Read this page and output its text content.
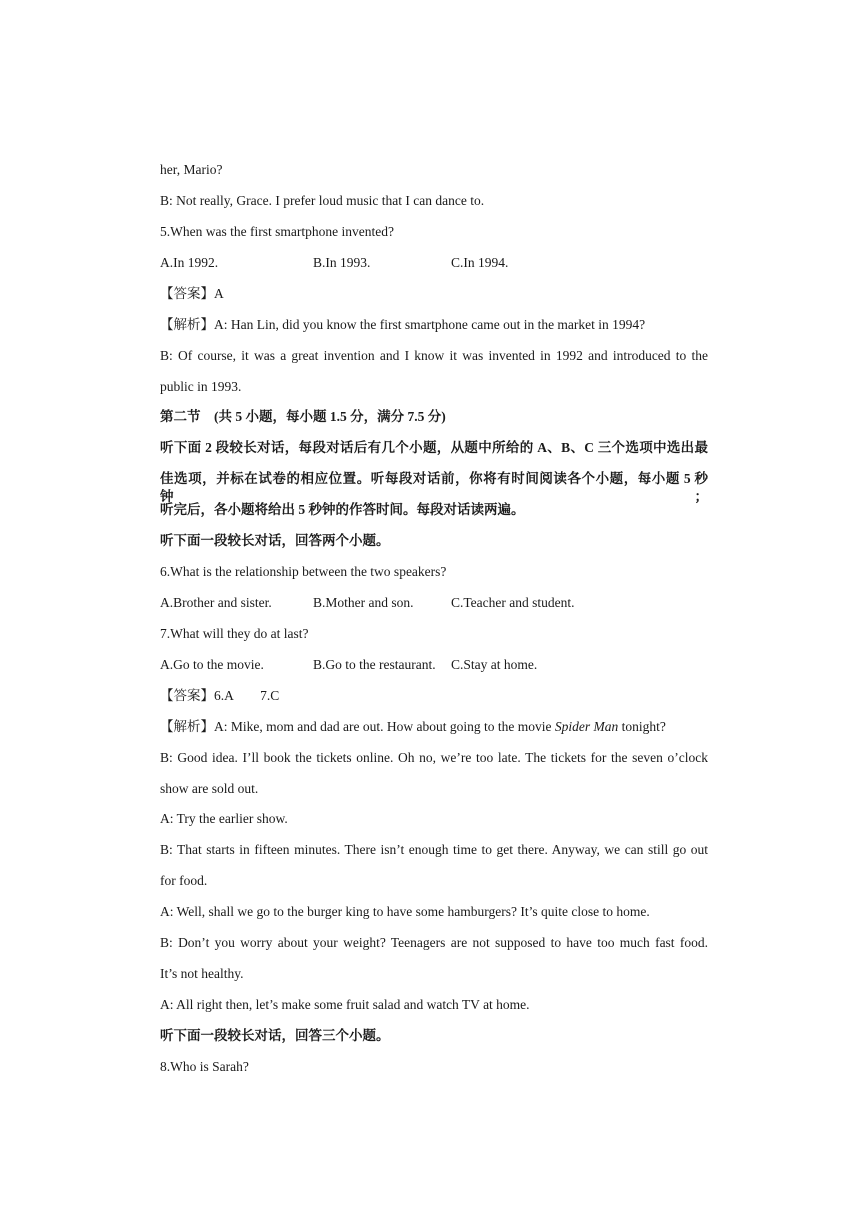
her, Mario?
B: Not really, Grace. I prefer loud music that I can dance to.
5.When was the first smartphone invented?
A.In 1992.	B.In 1993.	C.In 1994.
【答案】A
【解析】A: Han Lin, did you know the first smartphone came out in the market in 1994?
B: Of course, it was a great invention and I know it was invented in 1992 and introduced to the
public in 1993.
第二节　(共 5 小题，每小题 1.5 分，满分 7.5 分)
听下面 2 段较长对话，每段对话后有几个小题，从题中所给的 A、B、C 三个选项中选出最
佳选项，并标在试卷的相应位置。听每段对话前，你将有时间阅读各个小题，每小题 5 秒钟；
听完后，各小题将给出 5 秒钟的作答时间。每段对话读两遍。
听下面一段较长对话，回答两个小题。
6.What is the relationship between the two speakers?
A.Brother and sister.	B.Mother and son.	C.Teacher and student.
7.What will they do at last?
A.Go to the movie.	B.Go to the restaurant. C.Stay at home.
【答案】6.A　　7.C
【解析】A: Mike, mom and dad are out. How about going to the movie Spider Man tonight?
B: Good idea. I’ll book the tickets online. Oh no, we’re too late. The tickets for the seven o’clock
show are sold out.
A: Try the earlier show.
B: That starts in fifteen minutes. There isn’t enough time to get there. Anyway, we can still go out
for food.
A: Well, shall we go to the burger king to have some hamburgers? It’s quite close to home.
B: Don’t you worry about your weight? Teenagers are not supposed to have too much fast food.
It’s not healthy.
A: All right then, let’s make some fruit salad and watch TV at home.
听下面一段较长对话，回答三个小题。
8.Who is Sarah?
